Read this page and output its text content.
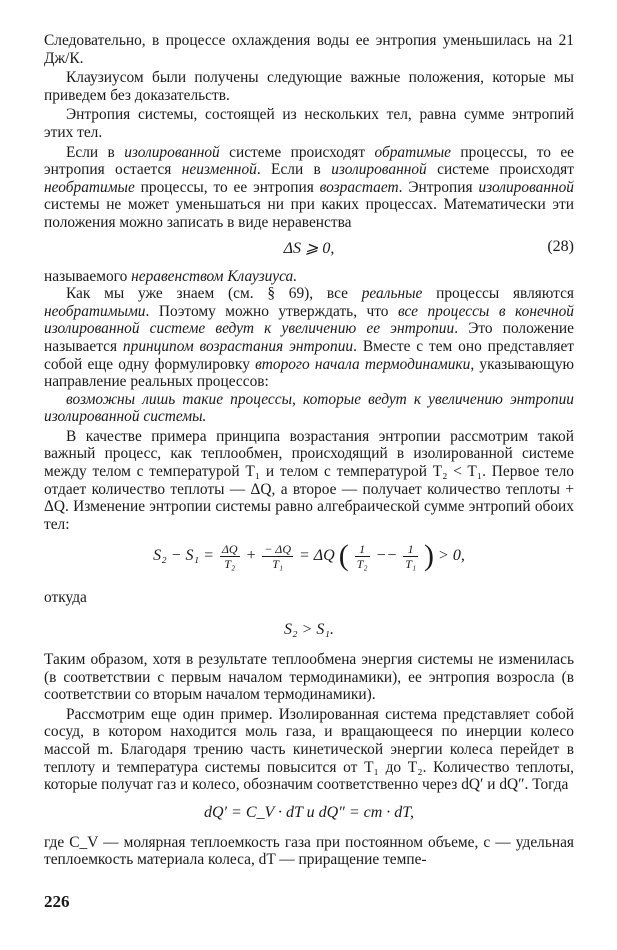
Следовательно, в процессе охлаждения воды ее энтропия уменьшилась на 21 Дж/К.

Клаузиусом были получены следующие важные положения, которые мы приведем без доказательств.

Энтропия системы, состоящей из нескольких тел, равна сумме энтропий этих тел.

Если в изолированной системе происходят обратимые процессы, то ее энтропия остается неизменной. Если в изолированной системе происходят необратимые процессы, то ее энтропия возрастает. Энтропия изолированной системы не может уменьшаться ни при каких процессах. Математически эти положения можно записать в виде неравенства

ΔS ⩾ 0,	(28)

называемого неравенством Клаузиуса.

Как мы уже знаем (см. § 69), все реальные процессы являются необратимыми. Поэтому можно утверждать, что все процессы в конечной изолированной системе ведут к увеличению ее энтропии. Это положение называется принципом возрастания энтропии. Вместе с тем оно представляет собой еще одну формулировку второго начала термодинамики, указывающую направление реальных процессов:

возможны лишь такие процессы, которые ведут к увеличению энтропии изолированной системы.

В качестве примера принципа возрастания энтропии рассмотрим такой важный процесс, как теплообмен, происходящий в изолированной системе между телом с температурой T₁ и телом с температурой T₂ < T₁. Первое тело отдает количество теплоты — ΔQ, а второе — получает количество теплоты + ΔQ. Изменение энтропии системы равно алгебраической сумме энтропий обоих тел:

$S_2 - S_1 = \frac{\Delta Q}{\text{T₂}} + \frac{- \Delta Q}{\text{T₁}} = \Delta Q$ ( $\frac{1}{\text{T₂}} -- \frac{1}{\text{T₁}}$ ) > 0,

откуда

S₂ > S₁.

Таким образом, хотя в результате теплообмена энергия системы не изменилась (в соответствии с первым началом термодинамики), ее энтропия возросла (в соответствии со вторым началом термодинамики).

Рассмотрим еще один пример. Изолированная система представляет собой сосуд, в котором находится моль газа, и вращающееся по инерции колесо массой m. Благодаря трению часть кинетической энергии колеса перейдет в теплоту и температура системы повысится от T₁ до T₂. Количество теплоты, которые получат газ и колесо, обозначим соответственно через dQ′ и dQ″. Тогда

dQ′ = C_V · dT и dQ″ = cm · dT,

где C_V — молярная теплоемкость газа при постоянном объеме, c — удельная теплоемкость материала колеса, dT — приращение темпе-

226
